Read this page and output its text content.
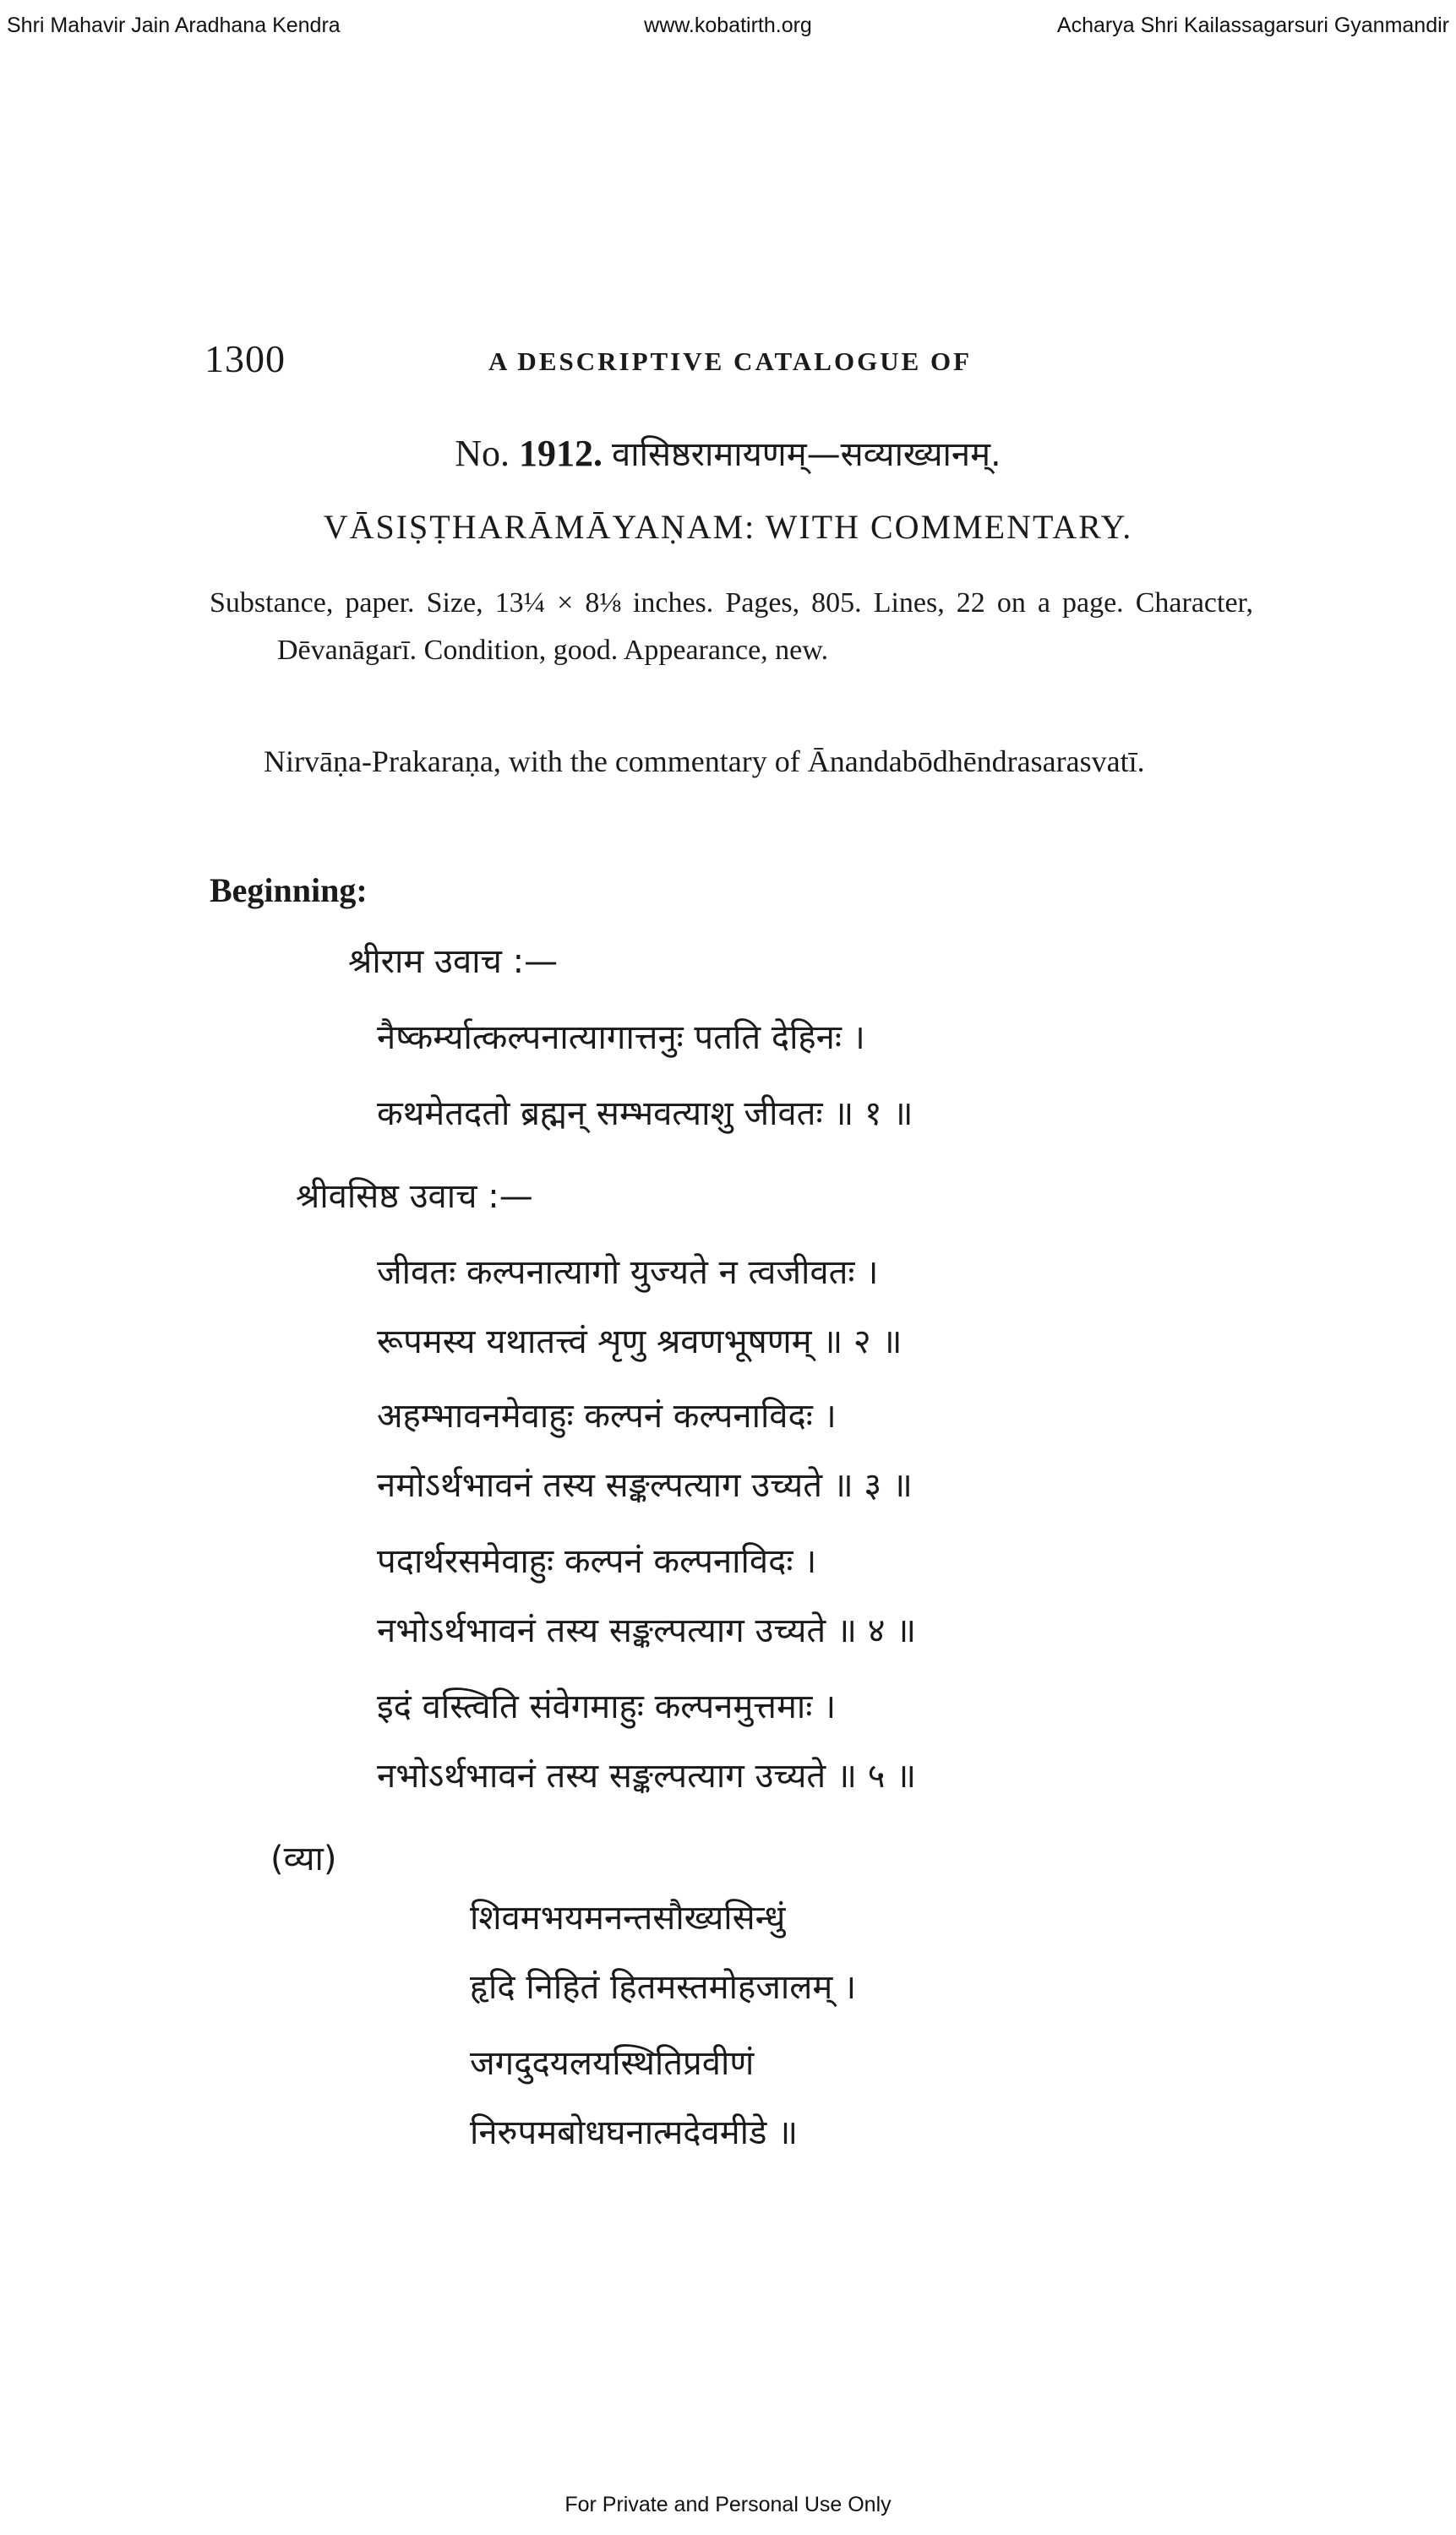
Shri Mahavir Jain Aradhana Kendra	www.kobatirth.org	Acharya Shri Kailassagarsuri Gyanmandir
1300	A DESCRIPTIVE CATALOGUE OF
No. 1912. वासिष्ठरामायणम्—सव्याख्यानम्.
VĀSIṢṬHARĀMĀYAṆAM: WITH COMMENTARY.
Substance, paper. Size, 13¼ × 8⅛ inches. Pages, 805. Lines, 22 on a page. Character, Dēvanāgarī. Condition, good. Appearance, new.
Nirvāṇa-Prakaraṇa, with the commentary of Ānandabōdhēndrasarasvatī.
Beginning:
श्रीराम उवाच :—
नैष्कर्म्यात्कल्पनात्यागात्तनुः पतति देहिनः ।
कथमेतदतो ब्रह्मन् सम्भवत्याशु जीवतः ॥ १ ॥
श्रीवसिष्ठ उवाच :—
जीवतः कल्पनात्यागो युज्यते न त्वजीवतः ।
रूपमस्य यथातत्त्वं शृणु श्रवणभूषणम् ॥ २ ॥
अहम्भावनमेवाहुः कल्पनं कल्पनाविदः ।
नमोऽर्थभावनं तस्य सङ्कल्पत्याग उच्यते ॥ ३ ॥
पदार्थरसमेवाहुः कल्पनं कल्पनाविदः ।
नभोऽर्थभावनं तस्य सङ्कल्पत्याग उच्यते ॥ ४ ॥
इदं वस्त्विति संवेगमाहुः कल्पनमुत्तमाः ।
नभोऽर्थभावनं तस्य सङ्कल्पत्याग उच्यते ॥ ५ ॥
(व्या)
शिवमभयमनन्तसौख्यसिन्धुं
हृदि निहितं हितमस्तमोहजालम् ।
जगदुदयलयस्थितिप्रवीणं
निरुपमबोधघनात्मदेवमीडे ॥
For Private and Personal Use Only
